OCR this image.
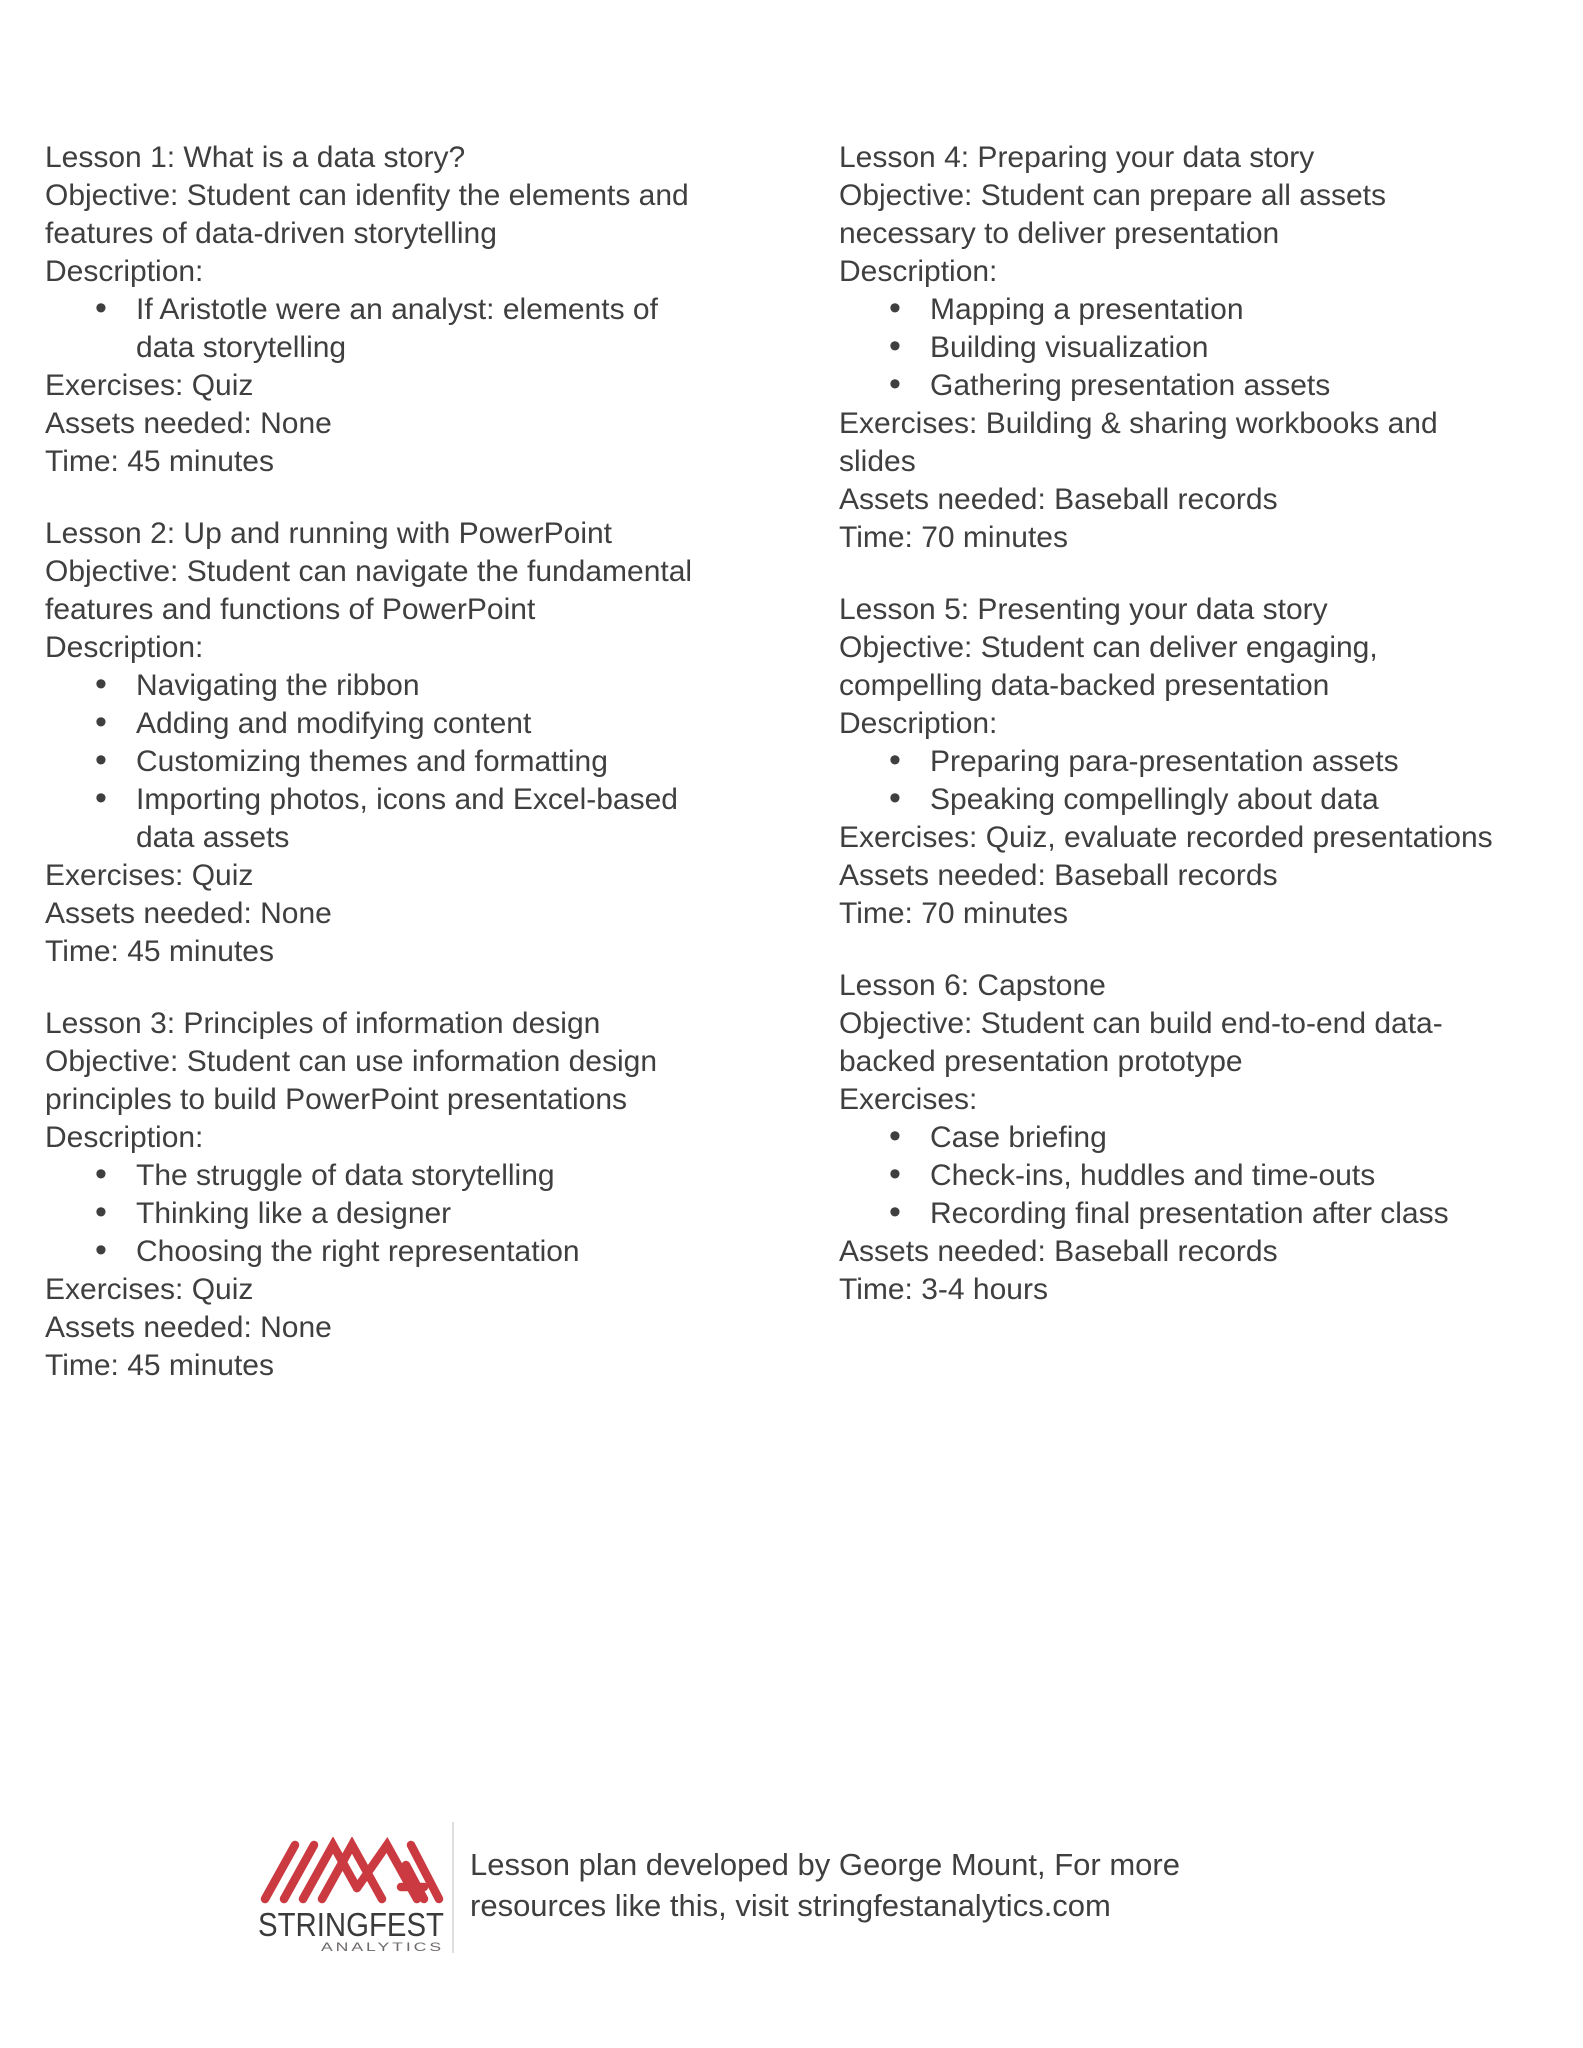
Lesson 1: What is a data story?
Objective: Student can idenfity the elements and
features of data-driven storytelling
Description:
• If Aristotle were an analyst: elements of
data storytelling
Exercises: Quiz
Assets needed: None
Time: 45 minutes
Lesson 2: Up and running with PowerPoint
Objective: Student can navigate the fundamental
features and functions of PowerPoint
Description:
• Navigating the ribbon
• Adding and modifying content
• Customizing themes and formatting
• Importing photos, icons and Excel-based
data assets
Exercises: Quiz
Assets needed: None
Time: 45 minutes
Lesson 3: Principles of information design
Objective: Student can use information design
principles to build PowerPoint presentations
Description:
• The struggle of data storytelling
• Thinking like a designer
• Choosing the right representation
Exercises: Quiz
Assets needed: None
Time: 45 minutes
Lesson 4: Preparing your data story
Objective: Student can prepare all assets
necessary to deliver presentation
Description:
• Mapping a presentation
• Building visualization
• Gathering presentation assets
Exercises: Building & sharing workbooks and
slides
Assets needed: Baseball records
Time: 70 minutes
Lesson 5: Presenting your data story
Objective: Student can deliver engaging,
compelling data-backed presentation
Description:
• Preparing para-presentation assets
• Speaking compellingly about data
Exercises: Quiz, evaluate recorded presentations
Assets needed: Baseball records
Time: 70 minutes
Lesson 6: Capstone
Objective: Student can build end-to-end data-
backed presentation prototype
Exercises:
• Case briefing
• Check-ins, huddles and time-outs
• Recording final presentation after class
Assets needed: Baseball records
Time: 3-4 hours
STRINGFEST
ANALYTICS
Lesson plan developed by George Mount, For more
resources like this, visit stringfestanalytics.com
